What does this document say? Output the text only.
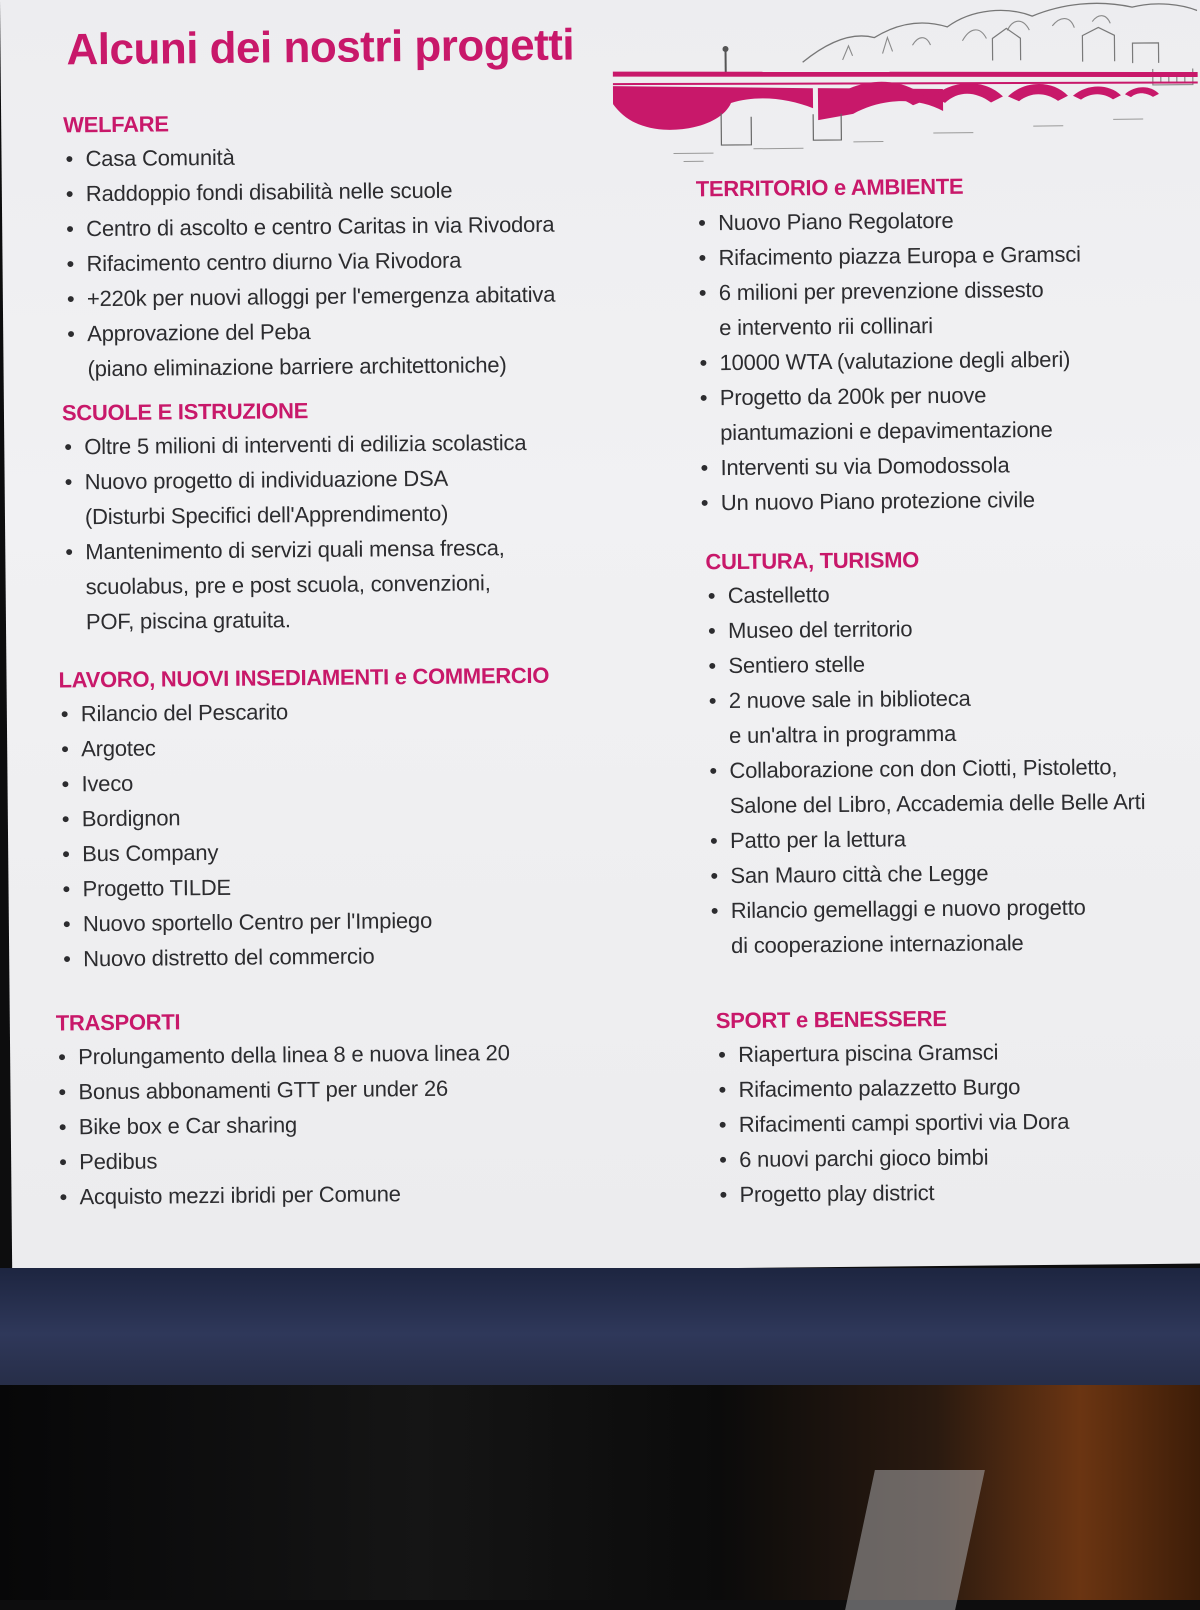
Alcuni dei nostri progetti
WELFARE
• Casa Comunità
• Raddoppio fondi disabilità nelle scuole
• Centro di ascolto e centro Caritas in via Rivodora
• Rifacimento centro diurno Via Rivodora
• +220k per nuovi alloggi per l'emergenza abitativa
• Approvazione del Peba
(piano eliminazione barriere architettoniche)
SCUOLE E ISTRUZIONE
• Oltre 5 milioni di interventi di edilizia scolastica
• Nuovo progetto di individuazione DSA
(Disturbi Specifici dell'Apprendimento)
• Mantenimento di servizi quali mensa fresca,
scuolabus, pre e post scuola, convenzioni,
POF, piscina gratuita.
LAVORO, NUOVI INSEDIAMENTI e COMMERCIO
• Rilancio del Pescarito
• Argotec
• Iveco
• Bordignon
• Bus Company
• Progetto TILDE
• Nuovo sportello Centro per l'Impiego
• Nuovo distretto del commercio
TRASPORTI
• Prolungamento della linea 8 e nuova linea 20
• Bonus abbonamenti GTT per under 26
• Bike box e Car sharing
• Pedibus
• Acquisto mezzi ibridi per Comune
TERRITORIO e AMBIENTE
• Nuovo Piano Regolatore
• Rifacimento piazza Europa e Gramsci
• 6 milioni per prevenzione dissesto
e intervento rii collinari
• 10000 WTA (valutazione degli alberi)
• Progetto da 200k per nuove
piantumazioni e depavimentazione
• Interventi su via Domodossola
• Un nuovo Piano protezione civile
CULTURA, TURISMO
• Castelletto
• Museo del territorio
• Sentiero stelle
• 2 nuove sale in biblioteca
e un'altra in programma
• Collaborazione con don Ciotti, Pistoletto,
Salone del Libro, Accademia delle Belle Arti
• Patto per la lettura
• San Mauro città che Legge
• Rilancio gemellaggi e nuovo progetto
di cooperazione internazionale
SPORT e BENESSERE
• Riapertura piscina Gramsci
• Rifacimento palazzetto Burgo
• Rifacimenti campi sportivi via Dora
• 6 nuovi parchi gioco bimbi
• Progetto play district
